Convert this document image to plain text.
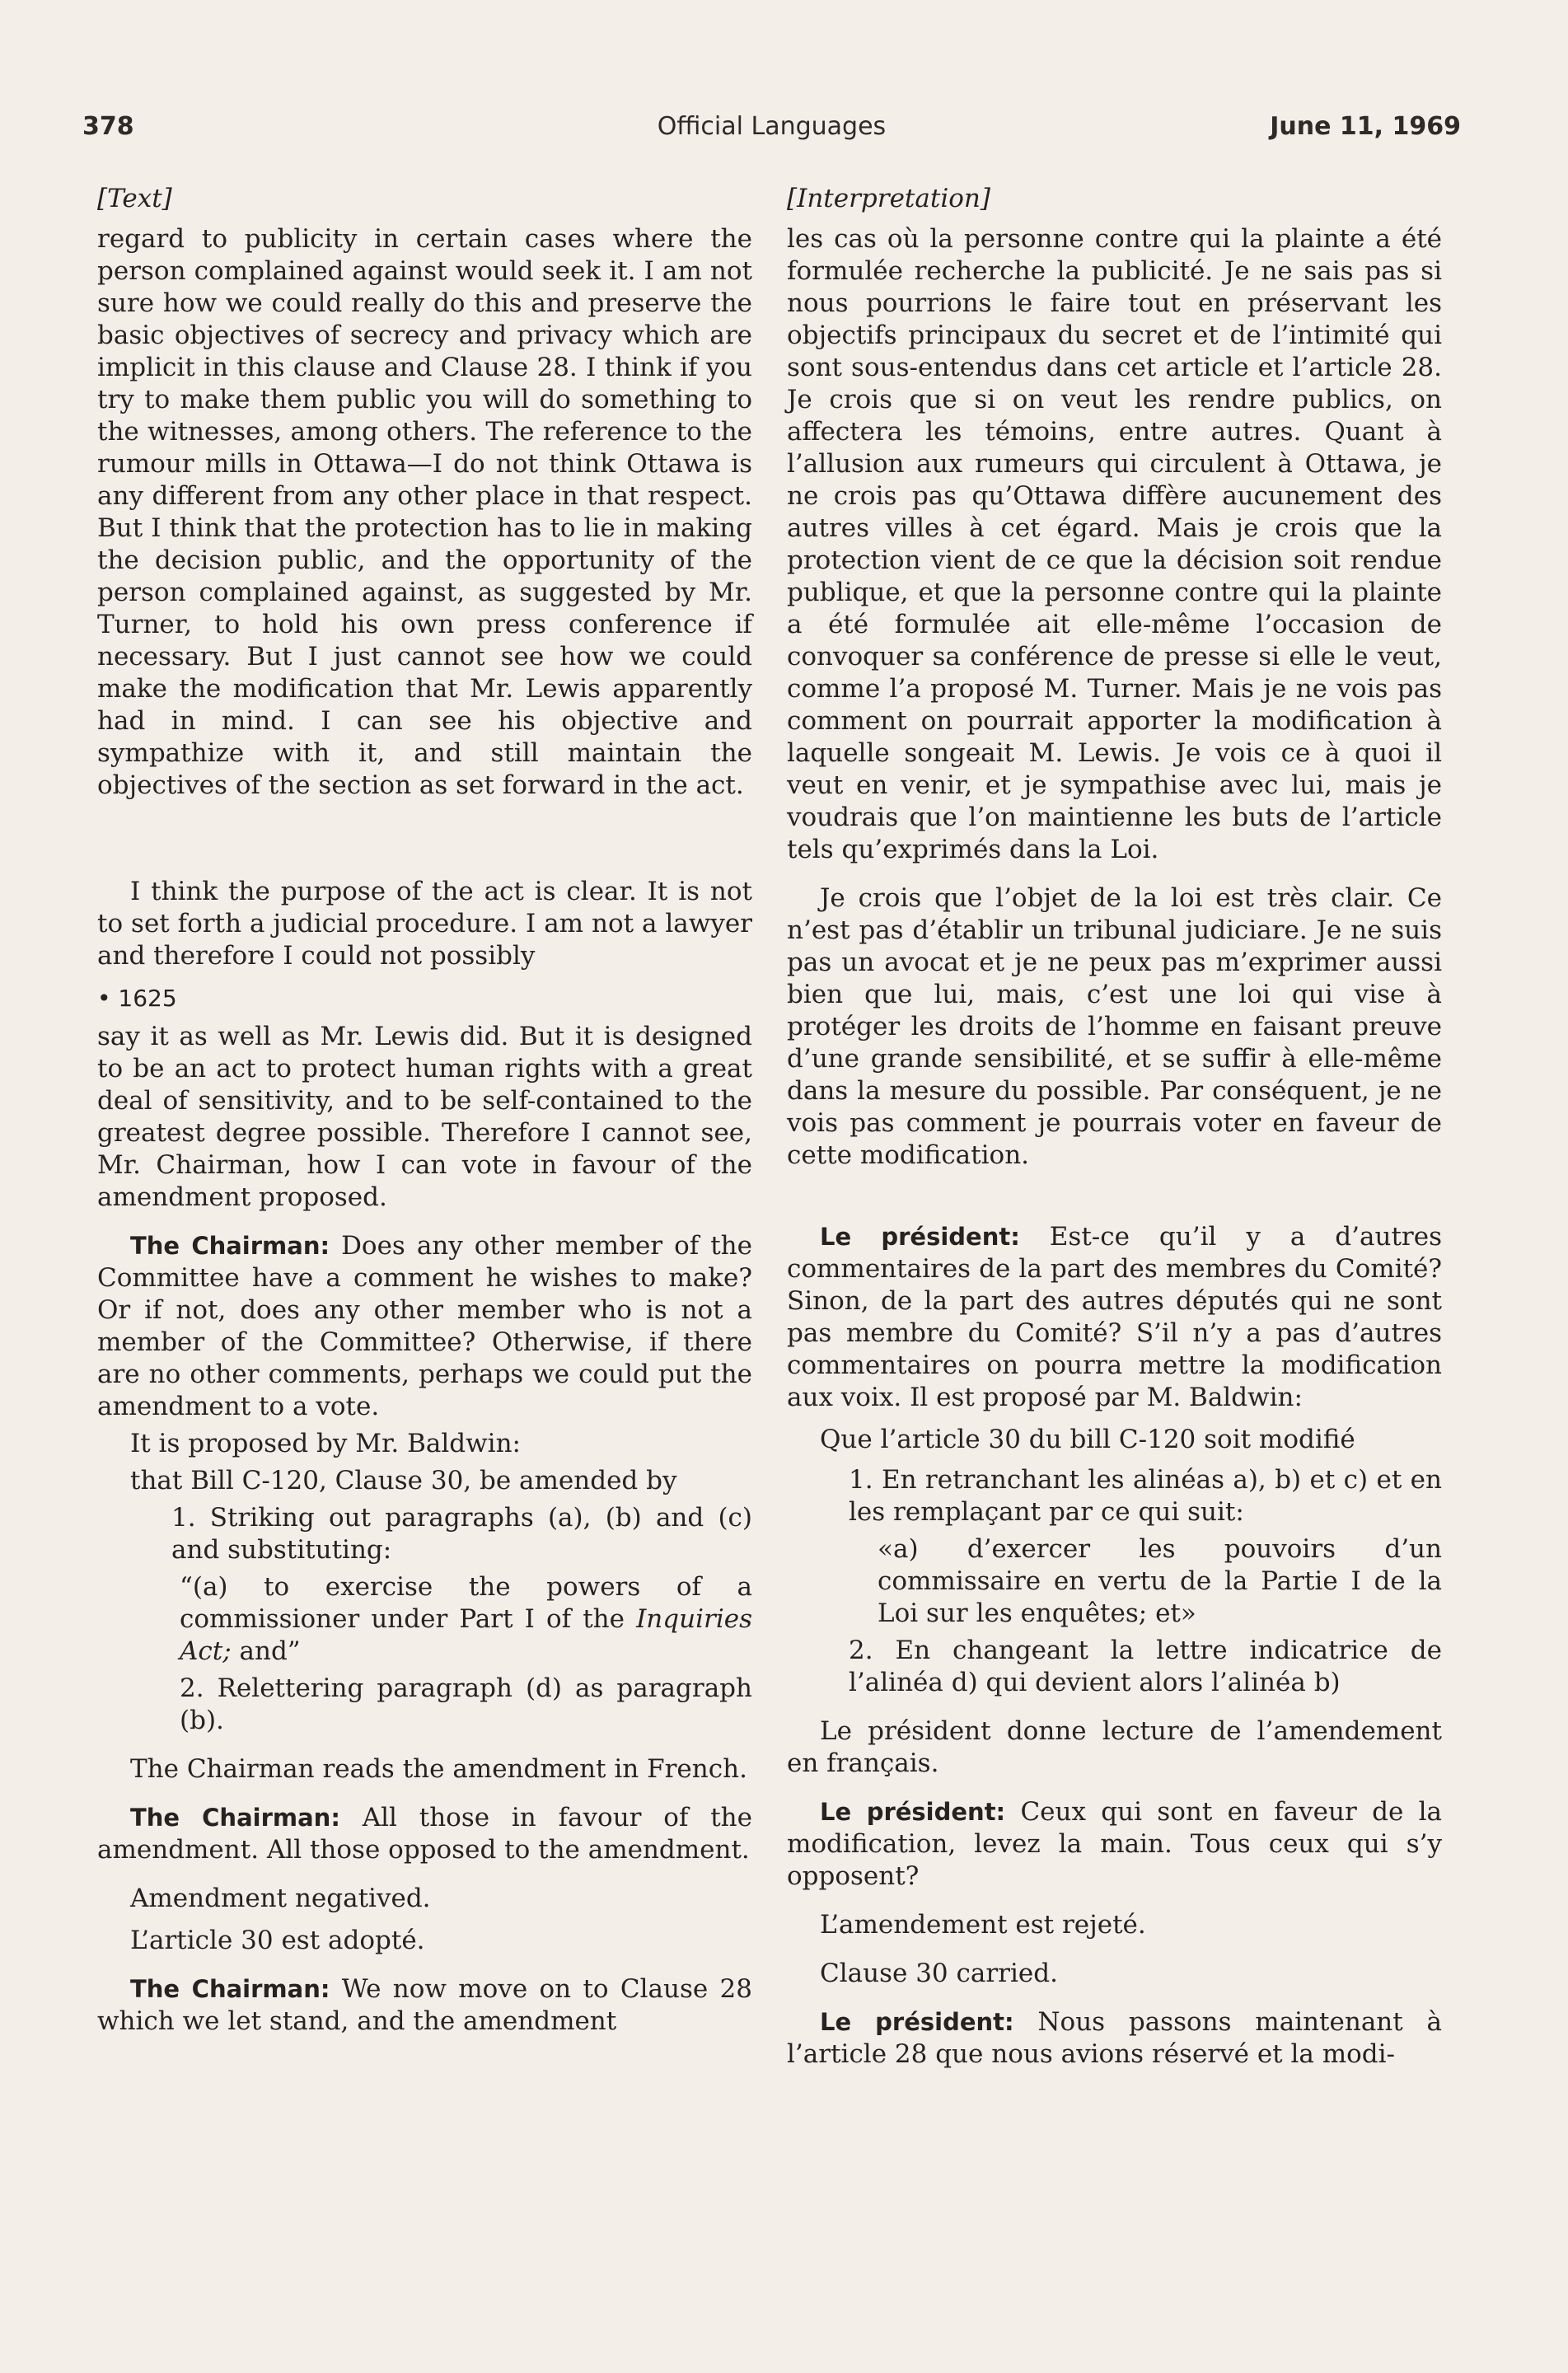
378	Official Languages	June 11, 1969
[Text]

regard to publicity in certain cases where the person complained against would seek it. I am not sure how we could really do this and preserve the basic objectives of secrecy and privacy which are implicit in this clause and Clause 28. I think if you try to make them public you will do something to the witnesses, among others. The reference to the rumour mills in Ottawa—I do not think Ottawa is any different from any other place in that respect. But I think that the protection has to lie in making the decision public, and the opportunity of the person complained against, as suggested by Mr. Turner, to hold his own press conference if necessary. But I just cannot see how we could make the modification that Mr. Lewis apparently had in mind. I can see his objective and sympathize with it, and still maintain the objectives of the section as set forward in the act.

I think the purpose of the act is clear. It is not to set forth a judicial procedure. I am not a lawyer and therefore I could not possibly

• 1625

say it as well as Mr. Lewis did. But it is designed to be an act to protect human rights with a great deal of sensitivity, and to be self-contained to the greatest degree possible. Therefore I cannot see, Mr. Chairman, how I can vote in favour of the amendment proposed.

The Chairman: Does any other member of the Committee have a comment he wishes to make? Or if not, does any other member who is not a member of the Committee? Otherwise, if there are no other comments, perhaps we could put the amendment to a vote.

It is proposed by Mr. Baldwin:

that Bill C-120, Clause 30, be amended by

1. Striking out paragraphs (a), (b) and (c) and substituting:

“(a) to exercise the powers of a commissioner under Part I of the Inquiries Act; and”

2. Relettering paragraph (d) as paragraph (b).

The Chairman reads the amendment in French.

The Chairman: All those in favour of the amendment. All those opposed to the amendment.

Amendment negatived.

L’article 30 est adopté.

The Chairman: We now move on to Clause 28 which we let stand, and the amendment

[Interpretation]

les cas où la personne contre qui la plainte a été formulée recherche la publicité. Je ne sais pas si nous pourrions le faire tout en préservant les objectifs principaux du secret et de l’intimité qui sont sous-entendus dans cet article et l’article 28. Je crois que si on veut les rendre publics, on affectera les témoins, entre autres. Quant à l’allusion aux rumeurs qui circulent à Ottawa, je ne crois pas qu’Ottawa diffère aucunement des autres villes à cet égard. Mais je crois que la protection vient de ce que la décision soit rendue publique, et que la personne contre qui la plainte a été formulée ait elle-même l’occasion de convoquer sa conférence de presse si elle le veut, comme l’a proposé M. Turner. Mais je ne vois pas comment on pourrait apporter la modification à laquelle songeait M. Lewis. Je vois ce à quoi il veut en venir, et je sympathise avec lui, mais je voudrais que l’on maintienne les buts de l’article tels qu’exprimés dans la Loi.

Je crois que l’objet de la loi est très clair. Ce n’est pas d’établir un tribunal judiciare. Je ne suis pas un avocat et je ne peux pas m’exprimer aussi bien que lui, mais, c’est une loi qui vise à protéger les droits de l’homme en faisant preuve d’une grande sensibilité, et se suffir à elle-même dans la mesure du possible. Par conséquent, je ne vois pas comment je pourrais voter en faveur de cette modification.

Le président: Est-ce qu’il y a d’autres commentaires de la part des membres du Comité? Sinon, de la part des autres députés qui ne sont pas membre du Comité? S’il n’y a pas d’autres commentaires on pourra mettre la modification aux voix. Il est proposé par M. Baldwin:

Que l’article 30 du bill C-120 soit modifié

1. En retranchant les alinéas a), b) et c) et en les remplaçant par ce qui suit:

«a) d’exercer les pouvoirs d’un commissaire en vertu de la Partie I de la Loi sur les enquêtes; et»

2. En changeant la lettre indicatrice de l’alinéa d) qui devient alors l’alinéa b)

Le président donne lecture de l’amendement en français.

Le président: Ceux qui sont en faveur de la modification, levez la main. Tous ceux qui s’y opposent?

L’amendement est rejeté.

Clause 30 carried.

Le président: Nous passons maintenant à l’article 28 que nous avions réservé et la modi-
